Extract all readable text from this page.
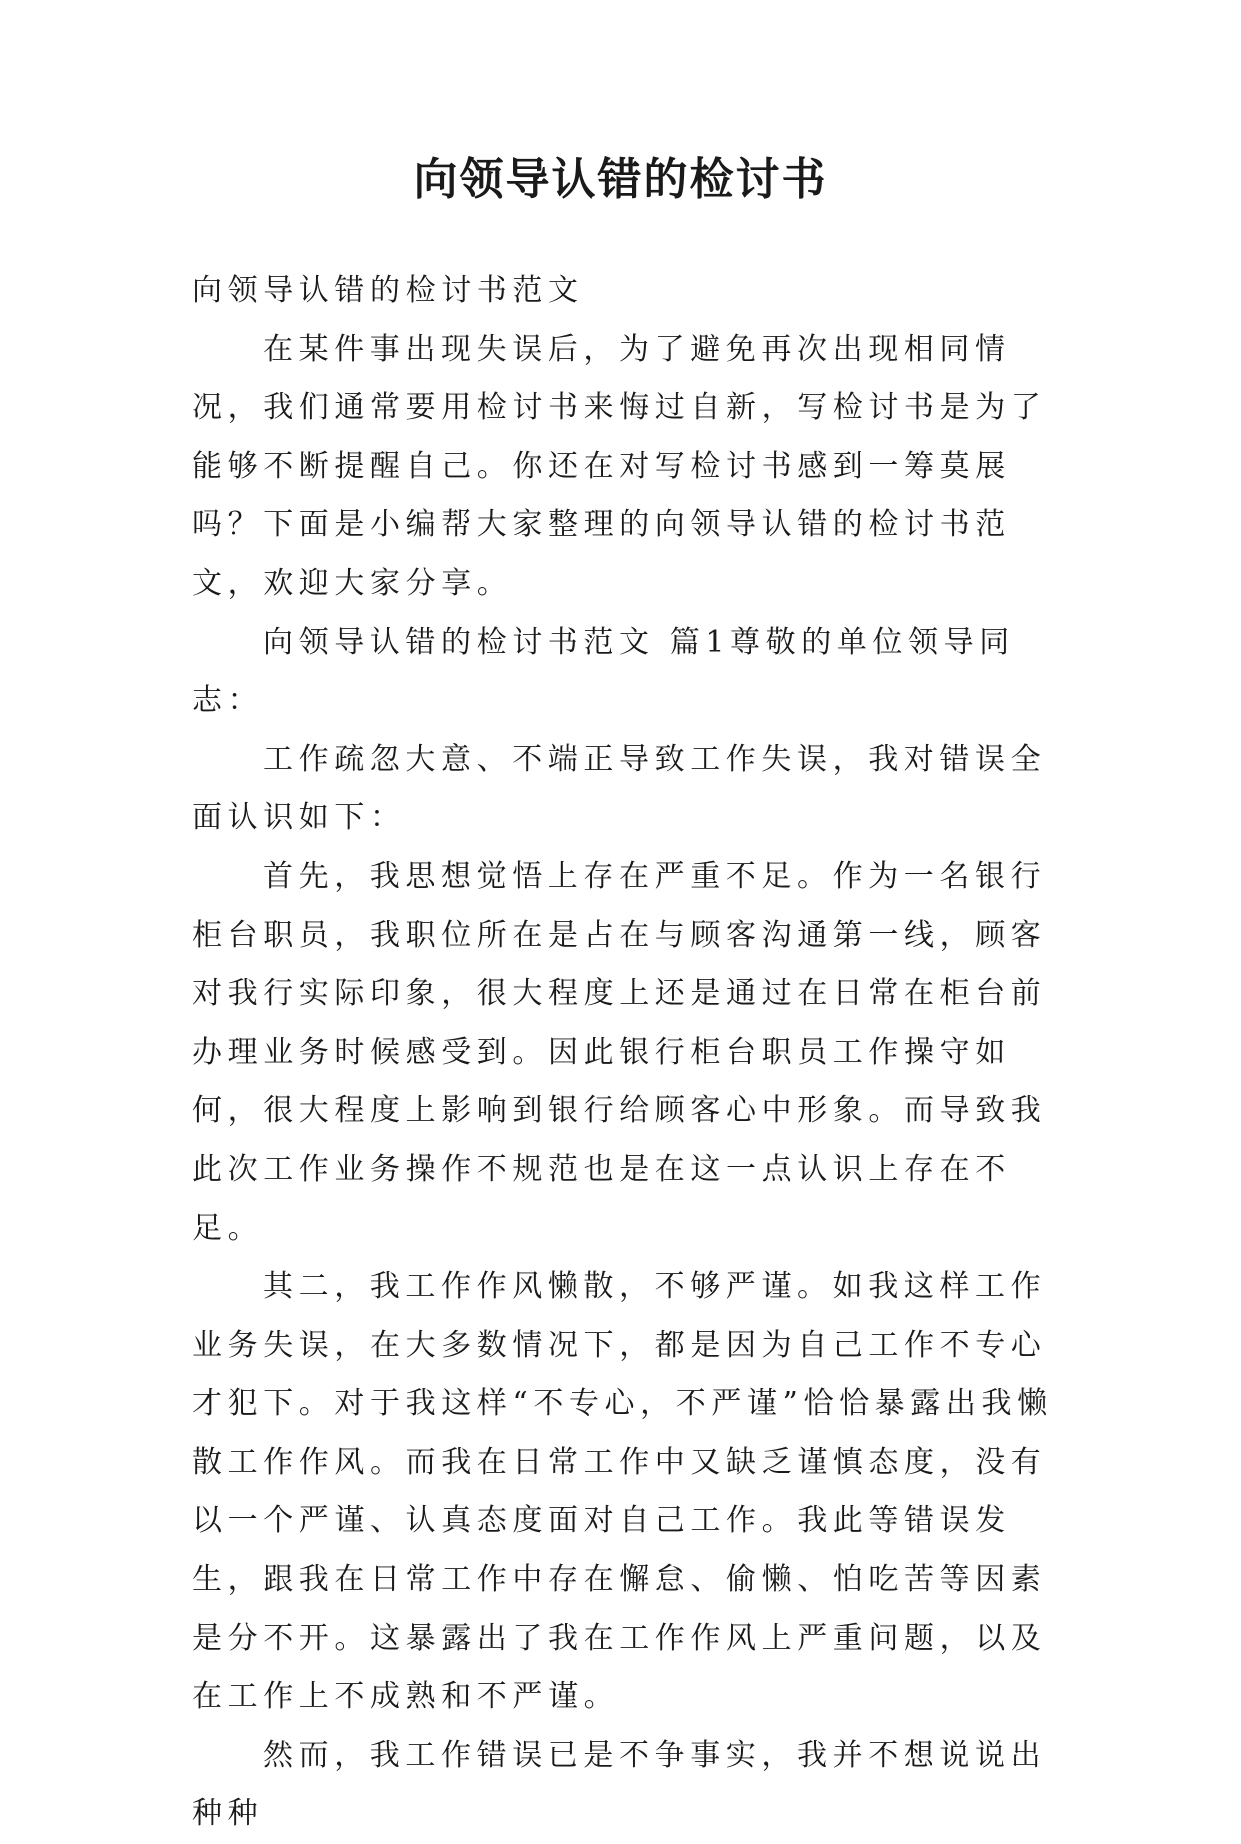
向领导认错的检讨书

向领导认错的检讨书范文

在某件事出现失误后，为了避免再次出现相同情况，我们通常要用检讨书来悔过自新，写检讨书是为了能够不断提醒自己。你还在对写检讨书感到一筹莫展吗？下面是小编帮大家整理的向领导认错的检讨书范文，欢迎大家分享。

向领导认错的检讨书范文 篇1尊敬的单位领导同志：

工作疏忽大意、不端正导致工作失误，我对错误全面认识如下：

首先，我思想觉悟上存在严重不足。作为一名银行柜台职员，我职位所在是占在与顾客沟通第一线，顾客对我行实际印象，很大程度上还是通过在日常在柜台前办理业务时候感受到。因此银行柜台职员工作操守如何，很大程度上影响到银行给顾客心中形象。而导致我此次工作业务操作不规范也是在这一点认识上存在不足。

其二，我工作作风懒散，不够严谨。如我这样工作业务失误，在大多数情况下，都是因为自己工作不专心才犯下。对于我这样“不专心，不严谨”恰恰暴露出我懒散工作作风。而我在日常工作中又缺乏谨慎态度，没有以一个严谨、认真态度面对自己工作。我此等错误发生，跟我在日常工作中存在懈怠、偷懒、怕吃苦等因素是分不开。这暴露出了我在工作作风上严重问题，以及在工作上不成熟和不严谨。

然而，我工作错误已是不争事实，我并不想说说出种种
